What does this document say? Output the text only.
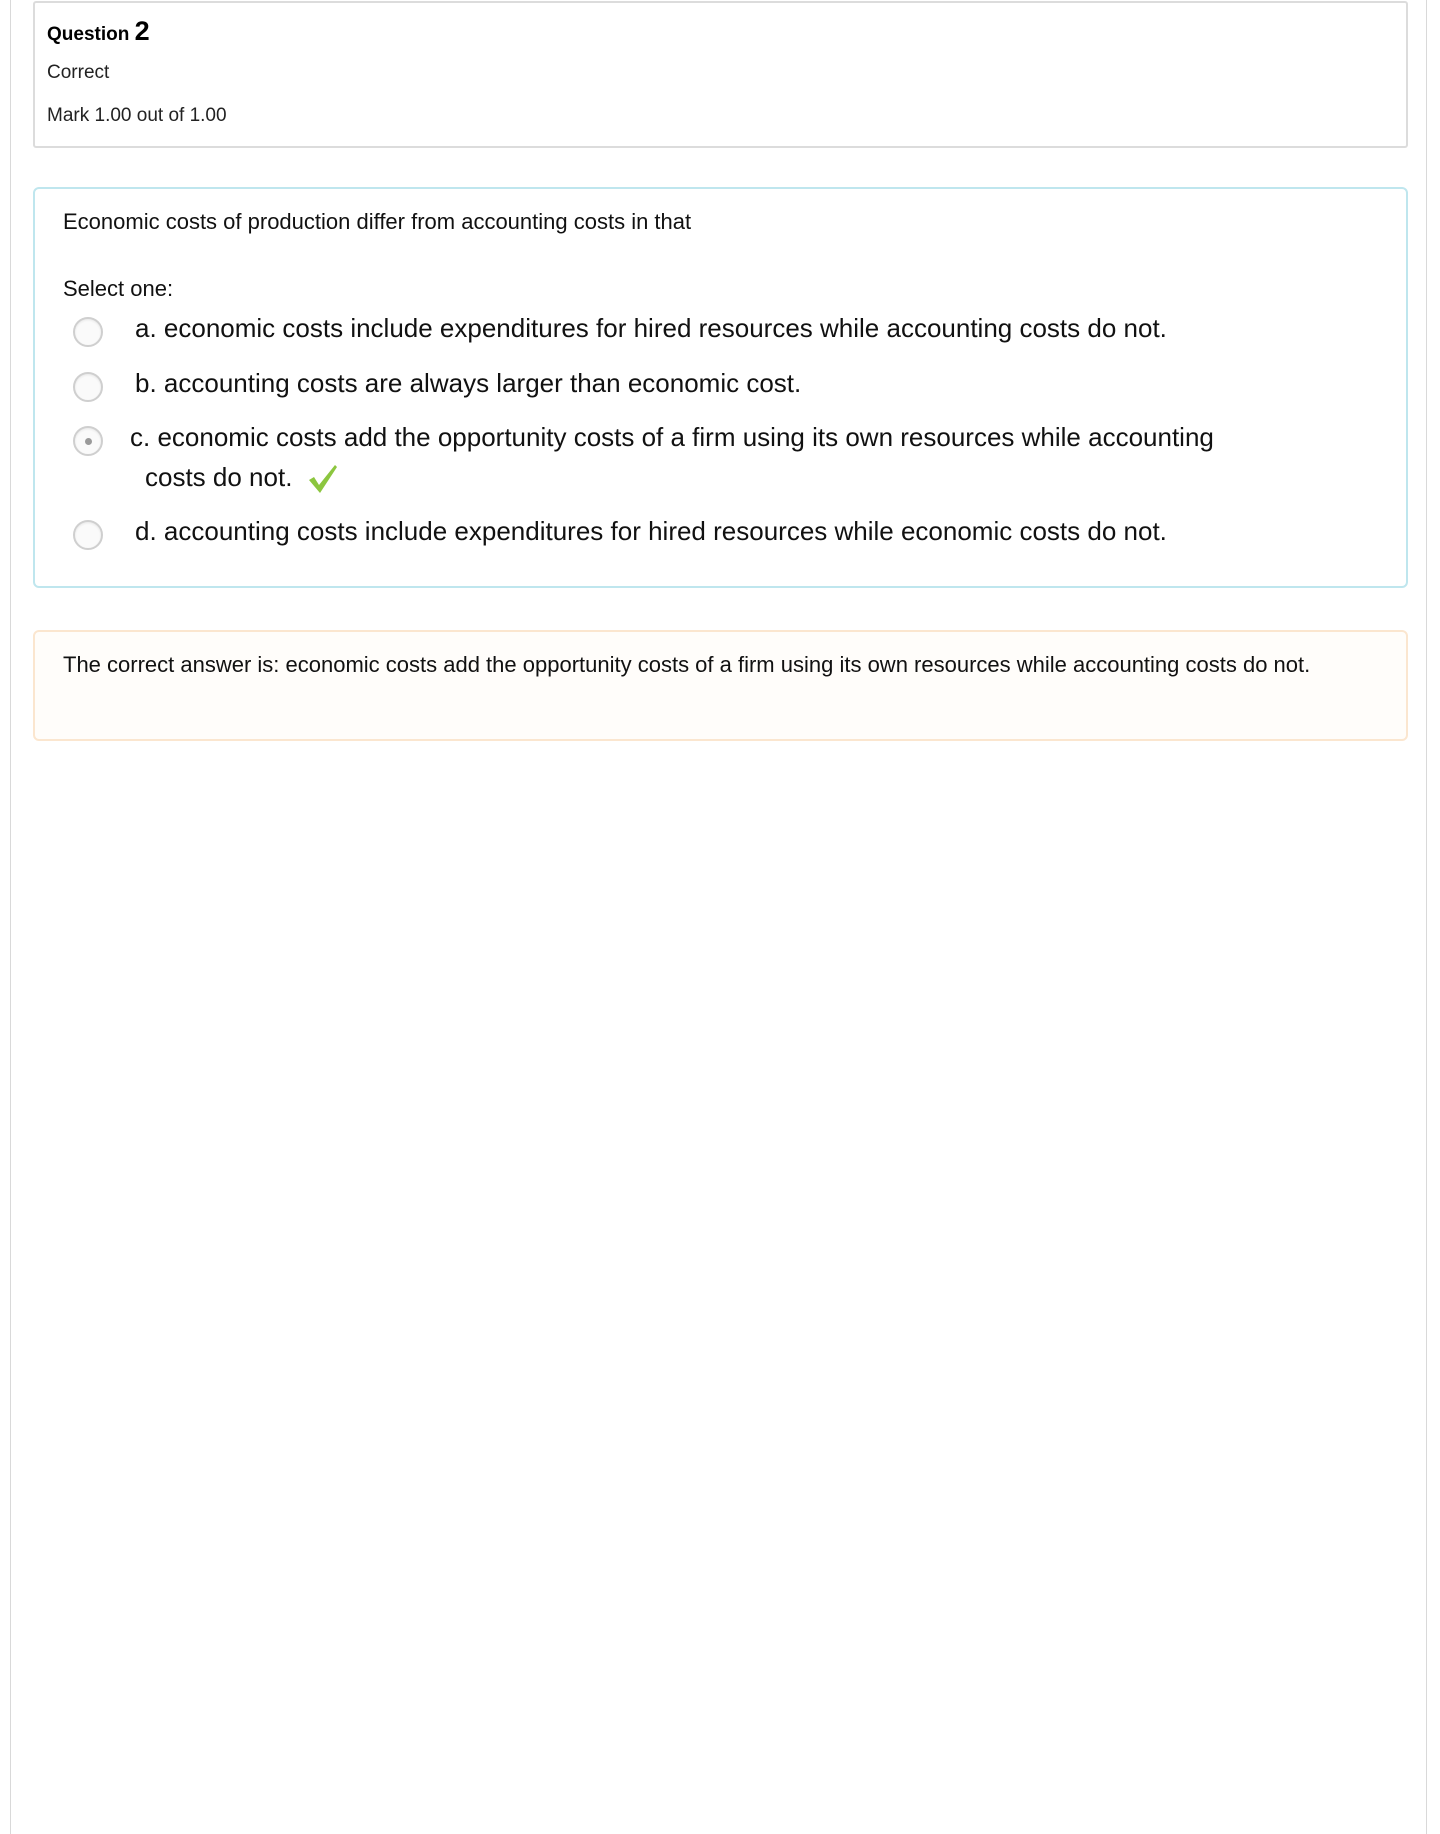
Question 2
Correct
Mark 1.00 out of 1.00
Economic costs of production differ from accounting costs in that
Select one:
a. economic costs include expenditures for hired resources while accounting costs do not.
b. accounting costs are always larger than economic cost.
c. economic costs add the opportunity costs of a firm using its own resources while accounting costs do not.
d. accounting costs include expenditures for hired resources while economic costs do not.
The correct answer is: economic costs add the opportunity costs of a firm using its own resources while accounting costs do not.
